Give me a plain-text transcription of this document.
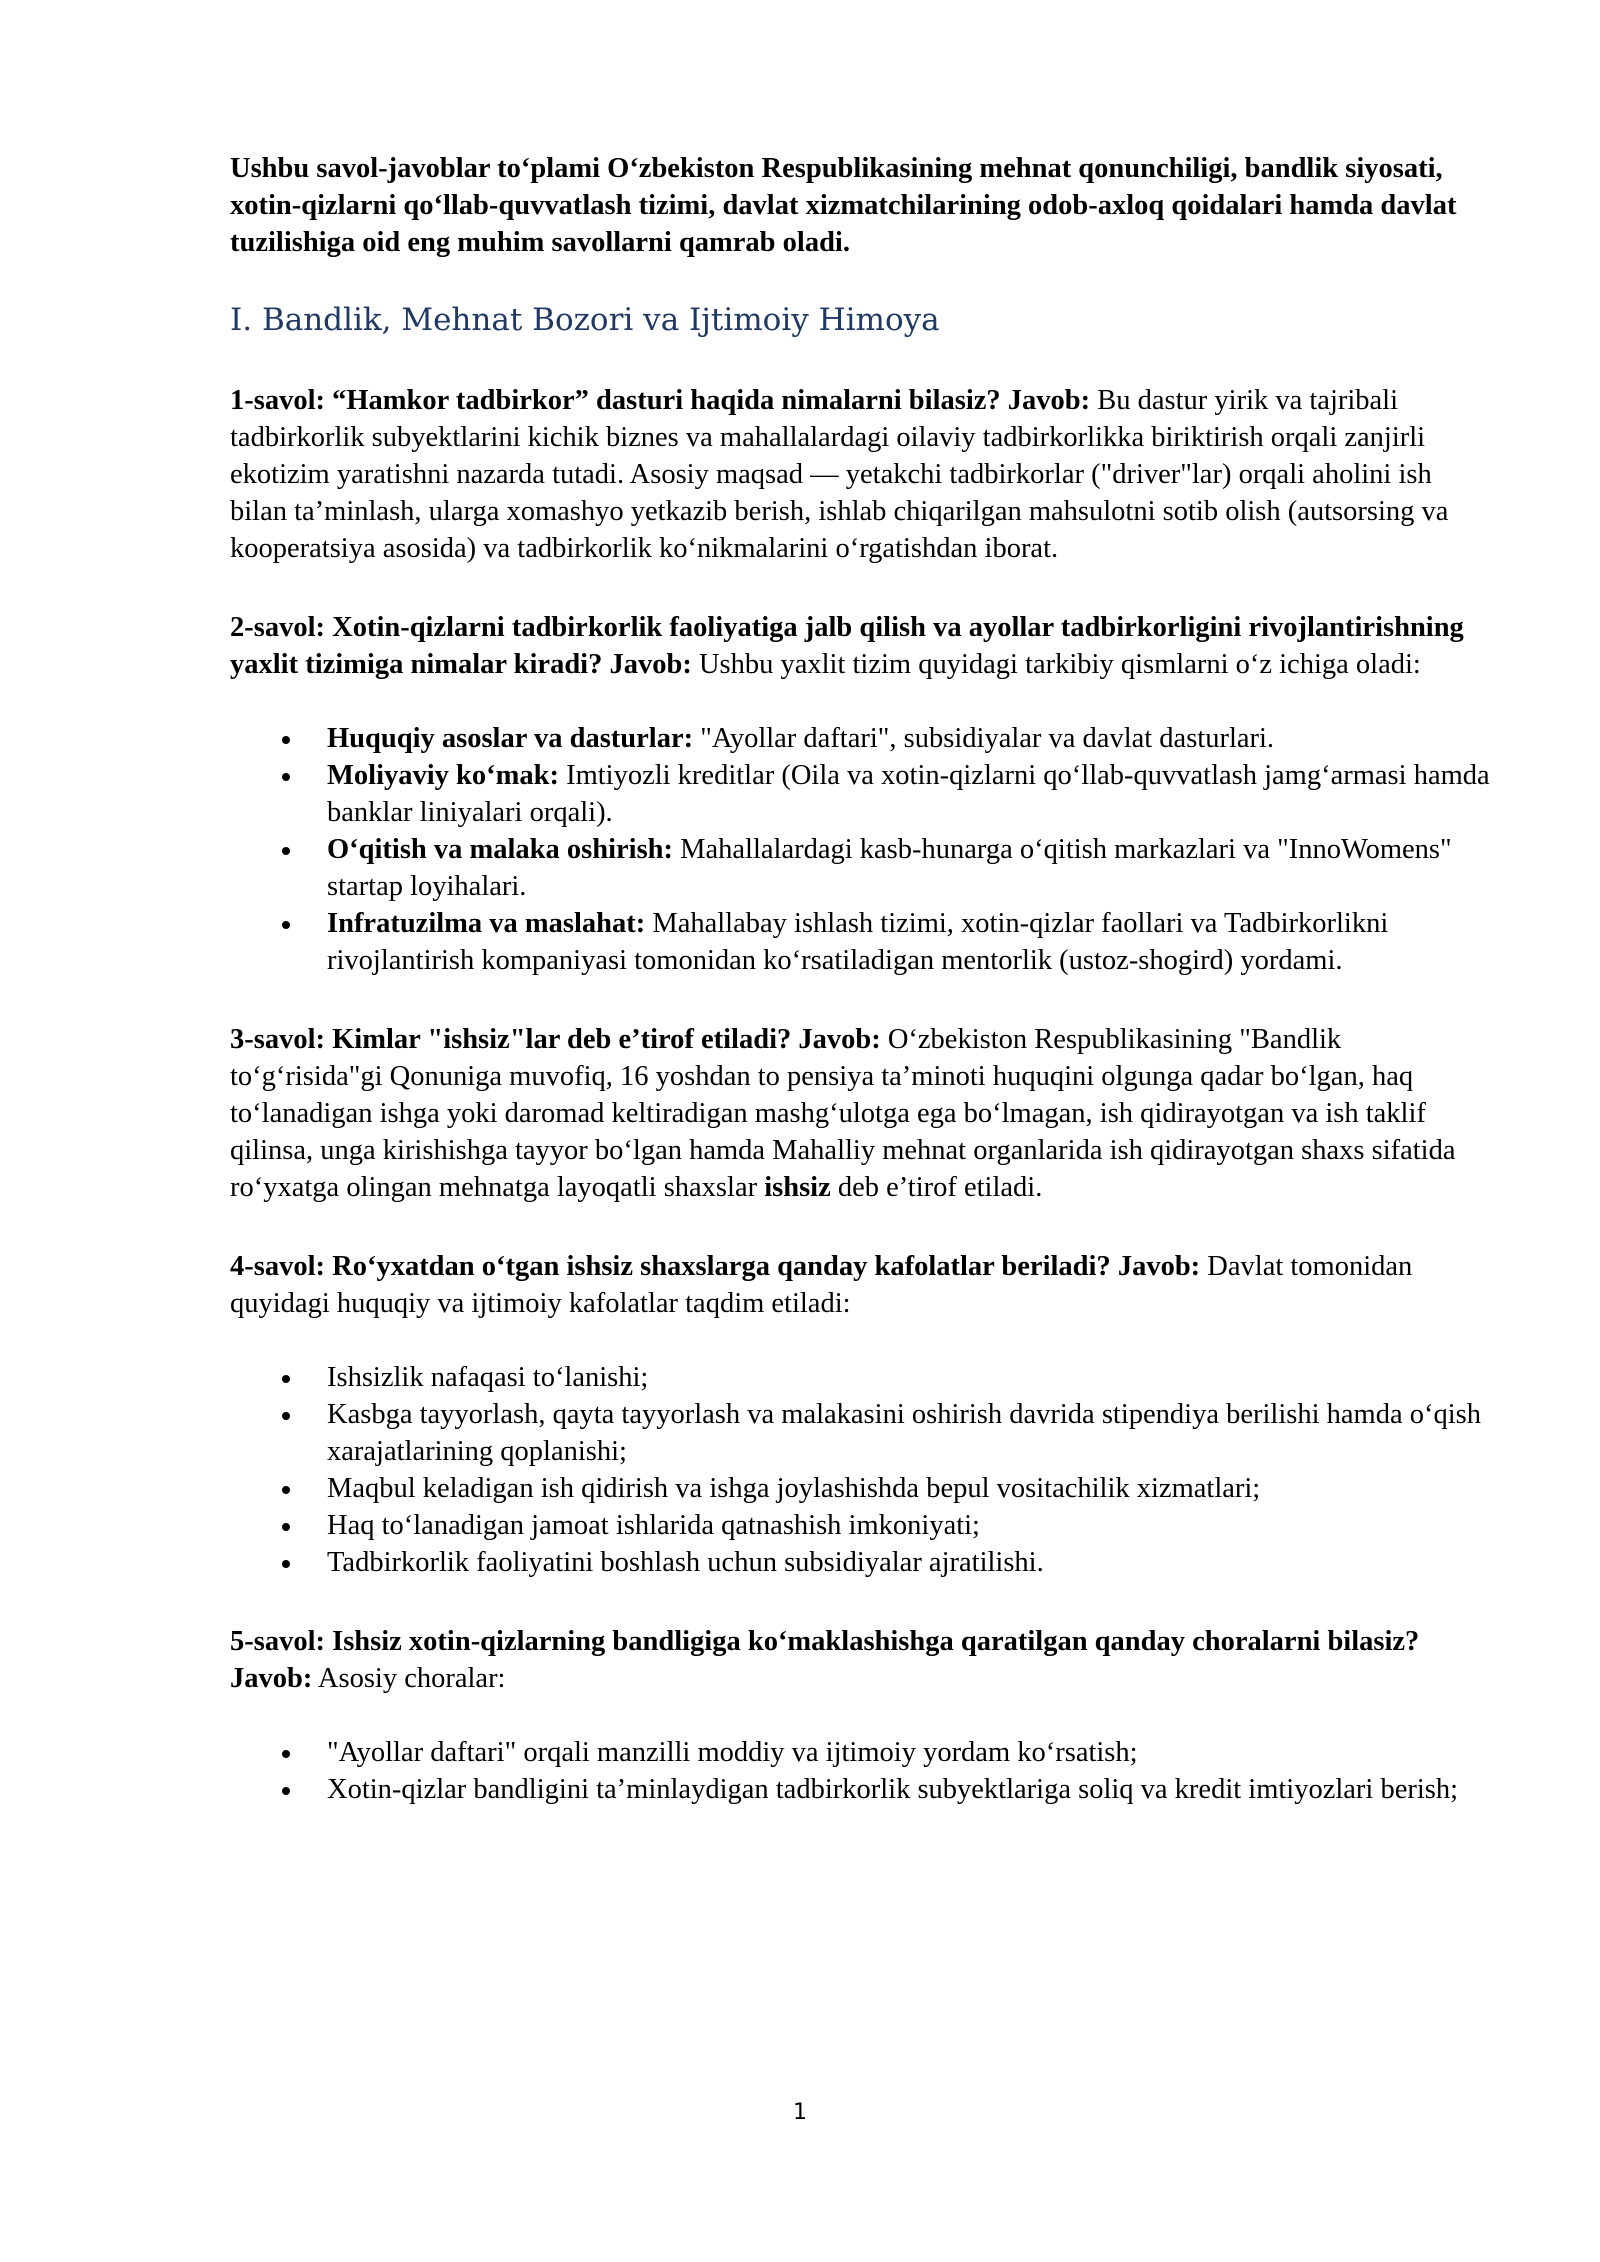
Ushbu savol-javoblar to‘plami O‘zbekiston Respublikasining mehnat qonunchiligi, bandlik siyosati, xotin-qizlarni qo‘llab-quvvatlash tizimi, davlat xizmatchilarining odob-axloq qoidalari hamda davlat tuzilishiga oid eng muhim savollarni qamrab oladi.

I. Bandlik, Mehnat Bozori va Ijtimoiy Himoya

1-savol: “Hamkor tadbirkor” dasturi haqida nimalarni bilasiz? Javob: Bu dastur yirik va tajribali tadbirkorlik subyektlarini kichik biznes va mahallalardagi oilaviy tadbirkorlikka biriktirish orqali zanjirli ekotizim yaratishni nazarda tutadi. Asosiy maqsad — yetakchi tadbirkorlar ("driver"lar) orqali aholini ish bilan ta’minlash, ularga xomashyo yetkazib berish, ishlab chiqarilgan mahsulotni sotib olish (autsorsing va kooperatsiya asosida) va tadbirkorlik ko‘nikmalarini o‘rgatishdan iborat.

2-savol: Xotin-qizlarni tadbirkorlik faoliyatiga jalb qilish va ayollar tadbirkorligini rivojlantirishning yaxlit tizimiga nimalar kiradi? Javob: Ushbu yaxlit tizim quyidagi tarkibiy qismlarni o‘z ichiga oladi:

Huquqiy asoslar va dasturlar: "Ayollar daftari", subsidiyalar va davlat dasturlari.
Moliyaviy ko‘mak: Imtiyozli kreditlar (Oila va xotin-qizlarni qo‘llab-quvvatlash jamg‘armasi hamda banklar liniyalari orqali).
O‘qitish va malaka oshirish: Mahallalardagi kasb-hunarga o‘qitish markazlari va "InnoWomens" startap loyihalari.
Infratuzilma va maslahat: Mahallabay ishlash tizimi, xotin-qizlar faollari va Tadbirkorlikni rivojlantirish kompaniyasi tomonidan ko‘rsatiladigan mentorlik (ustoz-shogird) yordami.

3-savol: Kimlar "ishsiz"lar deb e’tirof etiladi? Javob: O‘zbekiston Respublikasining "Bandlik to‘g‘risida"gi Qonuniga muvofiq, 16 yoshdan to pensiya ta’minoti huquqini olgunga qadar bo‘lgan, haq to‘lanadigan ishga yoki daromad keltiradigan mashg‘ulotga ega bo‘lmagan, ish qidirayotgan va ish taklif qilinsa, unga kirishishga tayyor bo‘lgan hamda Mahalliy mehnat organlarida ish qidirayotgan shaxs sifatida ro‘yxatga olingan mehnatga layoqatli shaxslar ishsiz deb e’tirof etiladi.

4-savol: Ro‘yxatdan o‘tgan ishsiz shaxslarga qanday kafolatlar beriladi? Javob: Davlat tomonidan quyidagi huquqiy va ijtimoiy kafolatlar taqdim etiladi:

Ishsizlik nafaqasi to‘lanishi;
Kasbga tayyorlash, qayta tayyorlash va malakasini oshirish davrida stipendiya berilishi hamda o‘qish xarajatlarining qoplanishi;
Maqbul keladigan ish qidirish va ishga joylashishda bepul vositachilik xizmatlari;
Haq to‘lanadigan jamoat ishlarida qatnashish imkoniyati;
Tadbirkorlik faoliyatini boshlash uchun subsidiyalar ajratilishi.

5-savol: Ishsiz xotin-qizlarning bandligiga ko‘maklashishga qaratilgan qanday choralarni bilasiz? Javob: Asosiy choralar:

"Ayollar daftari" orqali manzilli moddiy va ijtimoiy yordam ko‘rsatish;
Xotin-qizlar bandligini ta’minlaydigan tadbirkorlik subyektlariga soliq va kredit imtiyozlari berish;
1
